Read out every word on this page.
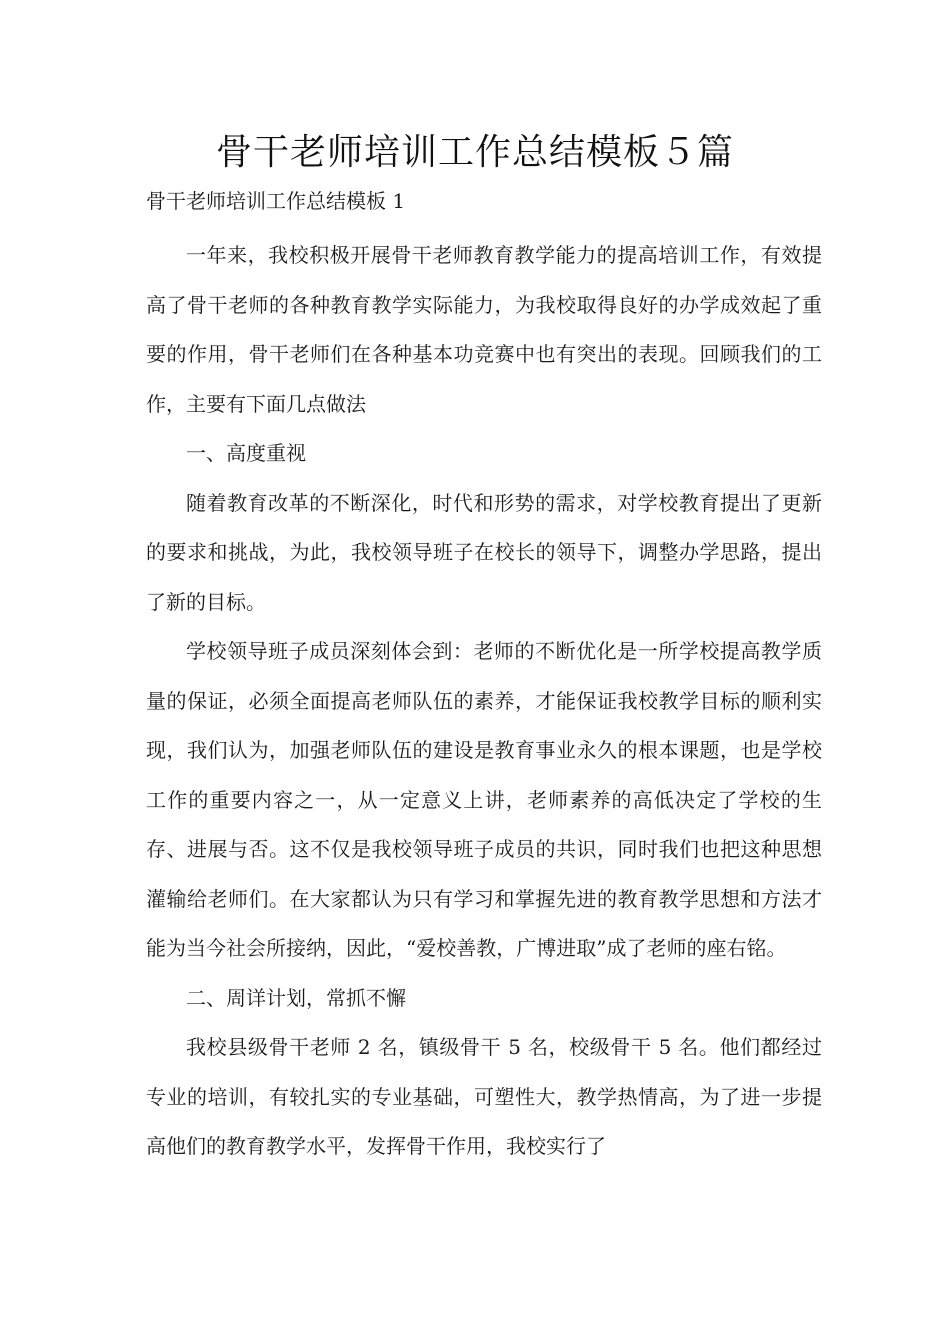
骨干老师培训工作总结模板５篇

骨干老师培训工作总结模板 1

一年来，我校积极开展骨干老师教育教学能力的提高培训工作，有效提高了骨干老师的各种教育教学实际能力，为我校取得良好的办学成效起了重要的作用，骨干老师们在各种基本功竞赛中也有突出的表现。回顾我们的工作，主要有下面几点做法

一、高度重视

随着教育改革的不断深化，时代和形势的需求，对学校教育提出了更新的要求和挑战，为此，我校领导班子在校长的领导下，调整办学思路，提出了新的目标。

学校领导班子成员深刻体会到：老师的不断优化是一所学校提高教学质量的保证，必须全面提高老师队伍的素养，才能保证我校教学目标的顺利实现，我们认为，加强老师队伍的建设是教育事业永久的根本课题，也是学校工作的重要内容之一，从一定意义上讲，老师素养的高低决定了学校的生存、进展与否。这不仅是我校领导班子成员的共识，同时我们也把这种思想灌输给老师们。在大家都认为只有学习和掌握先进的教育教学思想和方法才能为当今社会所接纳，因此，“爱校善教，广博进取”成了老师的座右铭。

二、周详计划，常抓不懈

我校县级骨干老师 2 名，镇级骨干 5 名，校级骨干 5 名。他们都经过专业的培训，有较扎实的专业基础，可塑性大，教学热情高，为了进一步提高他们的教育教学水平，发挥骨干作用，我校实行了
